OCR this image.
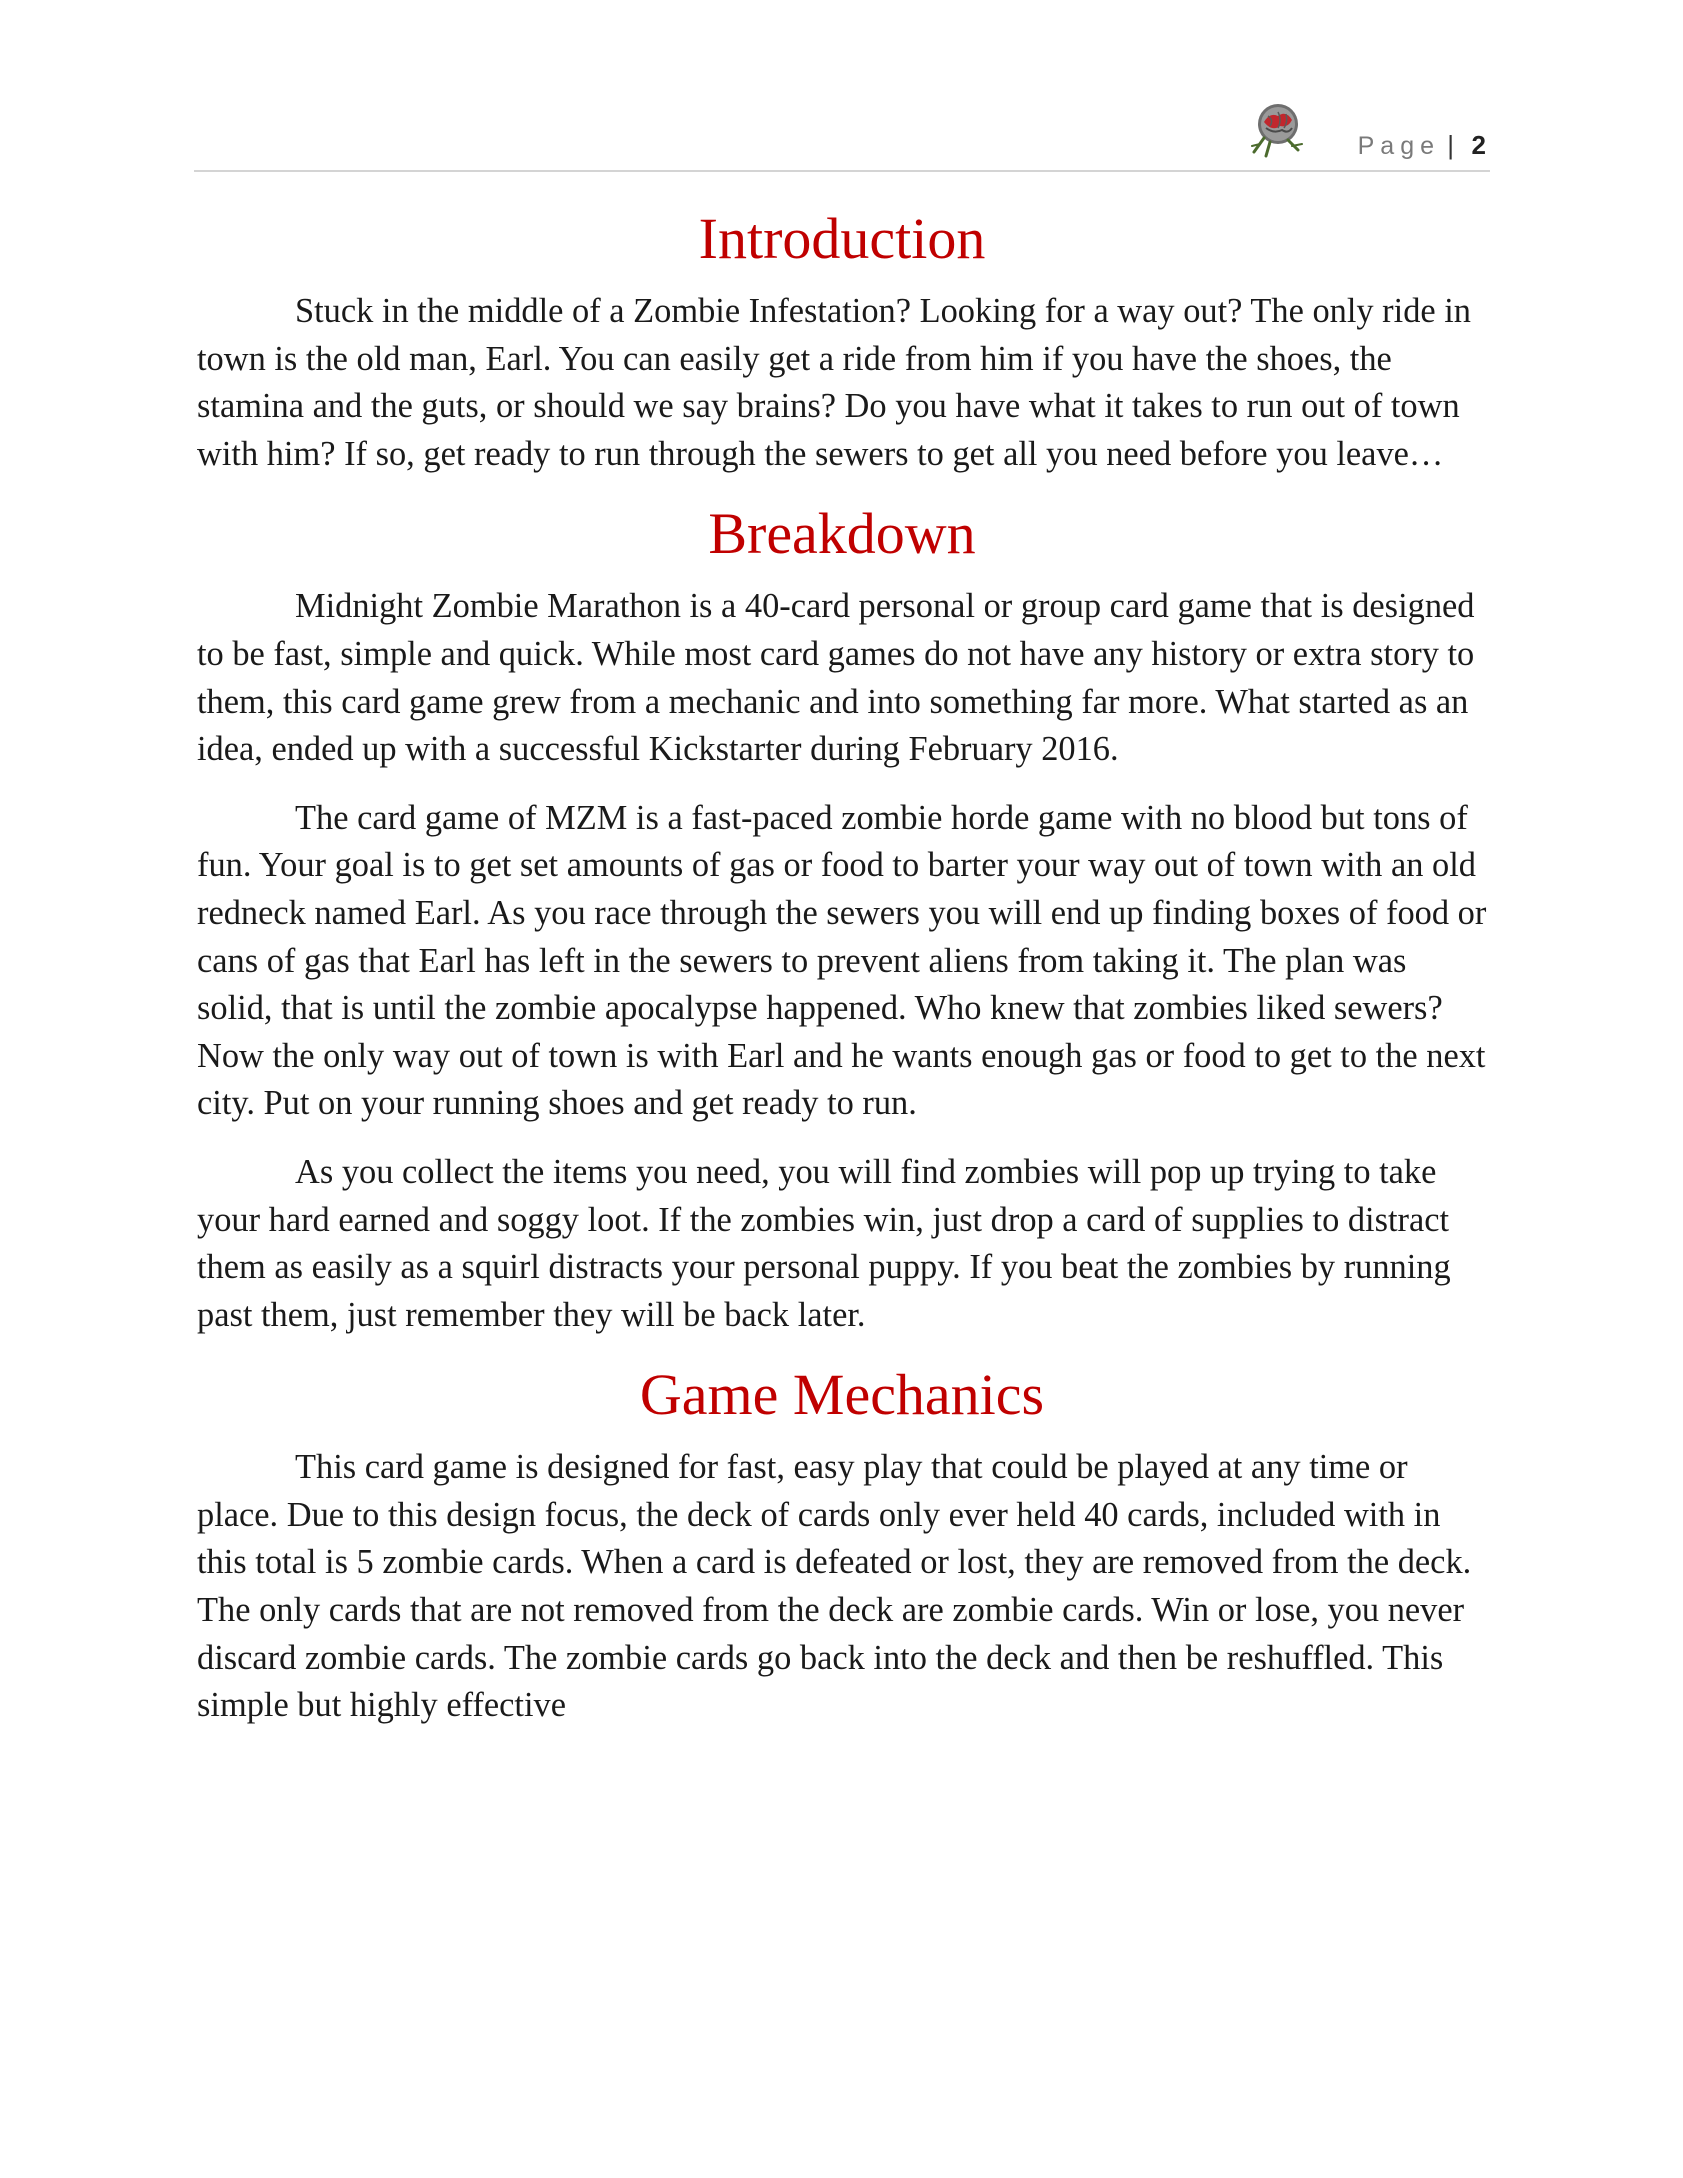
Page | 2
Introduction

Stuck in the middle of a Zombie Infestation? Looking for a way out? The only ride in town is the old man, Earl. You can easily get a ride from him if you have the shoes, the stamina and the guts, or should we say brains? Do you have what it takes to run out of town with him? If so, get ready to run through the sewers to get all you need before you leave…

Breakdown

Midnight Zombie Marathon is a 40-card personal or group card game that is designed to be fast, simple and quick. While most card games do not have any history or extra story to them, this card game grew from a mechanic and into something far more. What started as an idea, ended up with a successful Kickstarter during February 2016.

The card game of MZM is a fast-paced zombie horde game with no blood but tons of fun. Your goal is to get set amounts of gas or food to barter your way out of town with an old redneck named Earl. As you race through the sewers you will end up finding boxes of food or cans of gas that Earl has left in the sewers to prevent aliens from taking it. The plan was solid, that is until the zombie apocalypse happened. Who knew that zombies liked sewers? Now the only way out of town is with Earl and he wants enough gas or food to get to the next city. Put on your running shoes and get ready to run.

As you collect the items you need, you will find zombies will pop up trying to take your hard earned and soggy loot. If the zombies win, just drop a card of supplies to distract them as easily as a squirl distracts your personal puppy. If you beat the zombies by running past them, just remember they will be back later.

Game Mechanics

This card game is designed for fast, easy play that could be played at any time or place. Due to this design focus, the deck of cards only ever held 40 cards, included with in this total is 5 zombie cards. When a card is defeated or lost, they are removed from the deck. The only cards that are not removed from the deck are zombie cards. Win or lose, you never discard zombie cards. The zombie cards go back into the deck and then be reshuffled. This simple but highly effective
